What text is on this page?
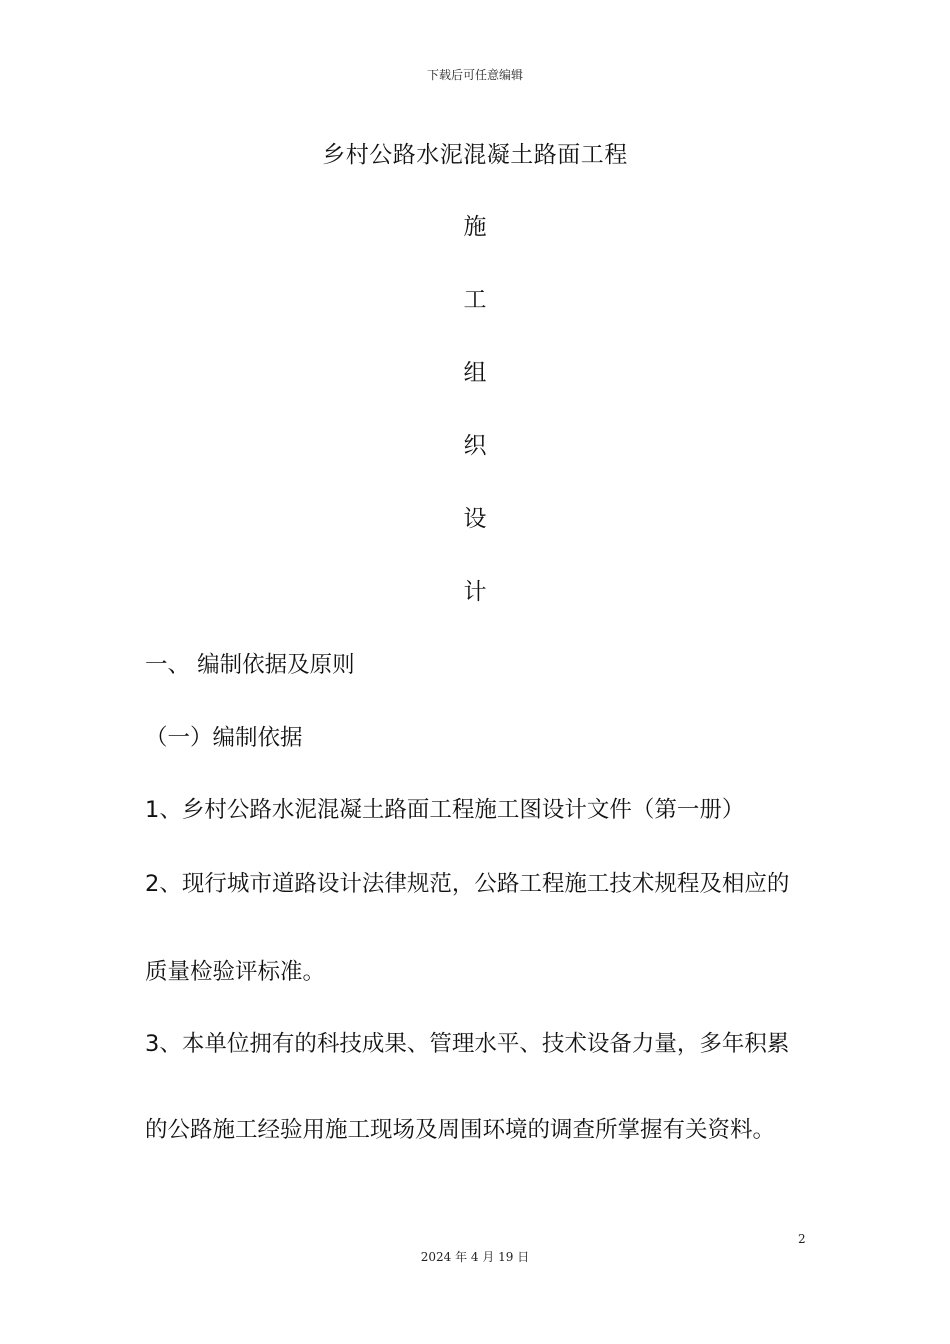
下载后可任意编辑
乡村公路水泥混凝土路面工程
施
工
组
织
设
计
一、 编制依据及原则
（一）编制依据
1、乡村公路水泥混凝土路面工程施工图设计文件（第一册）
2、现行城市道路设计法律规范，公路工程施工技术规程及相应的
质量检验评标准。
3、本单位拥有的科技成果、管理水平、技术设备力量，多年积累
的公路施工经验用施工现场及周围环境的调查所掌握有关资料。
2
2024 年 4 月 19 日
